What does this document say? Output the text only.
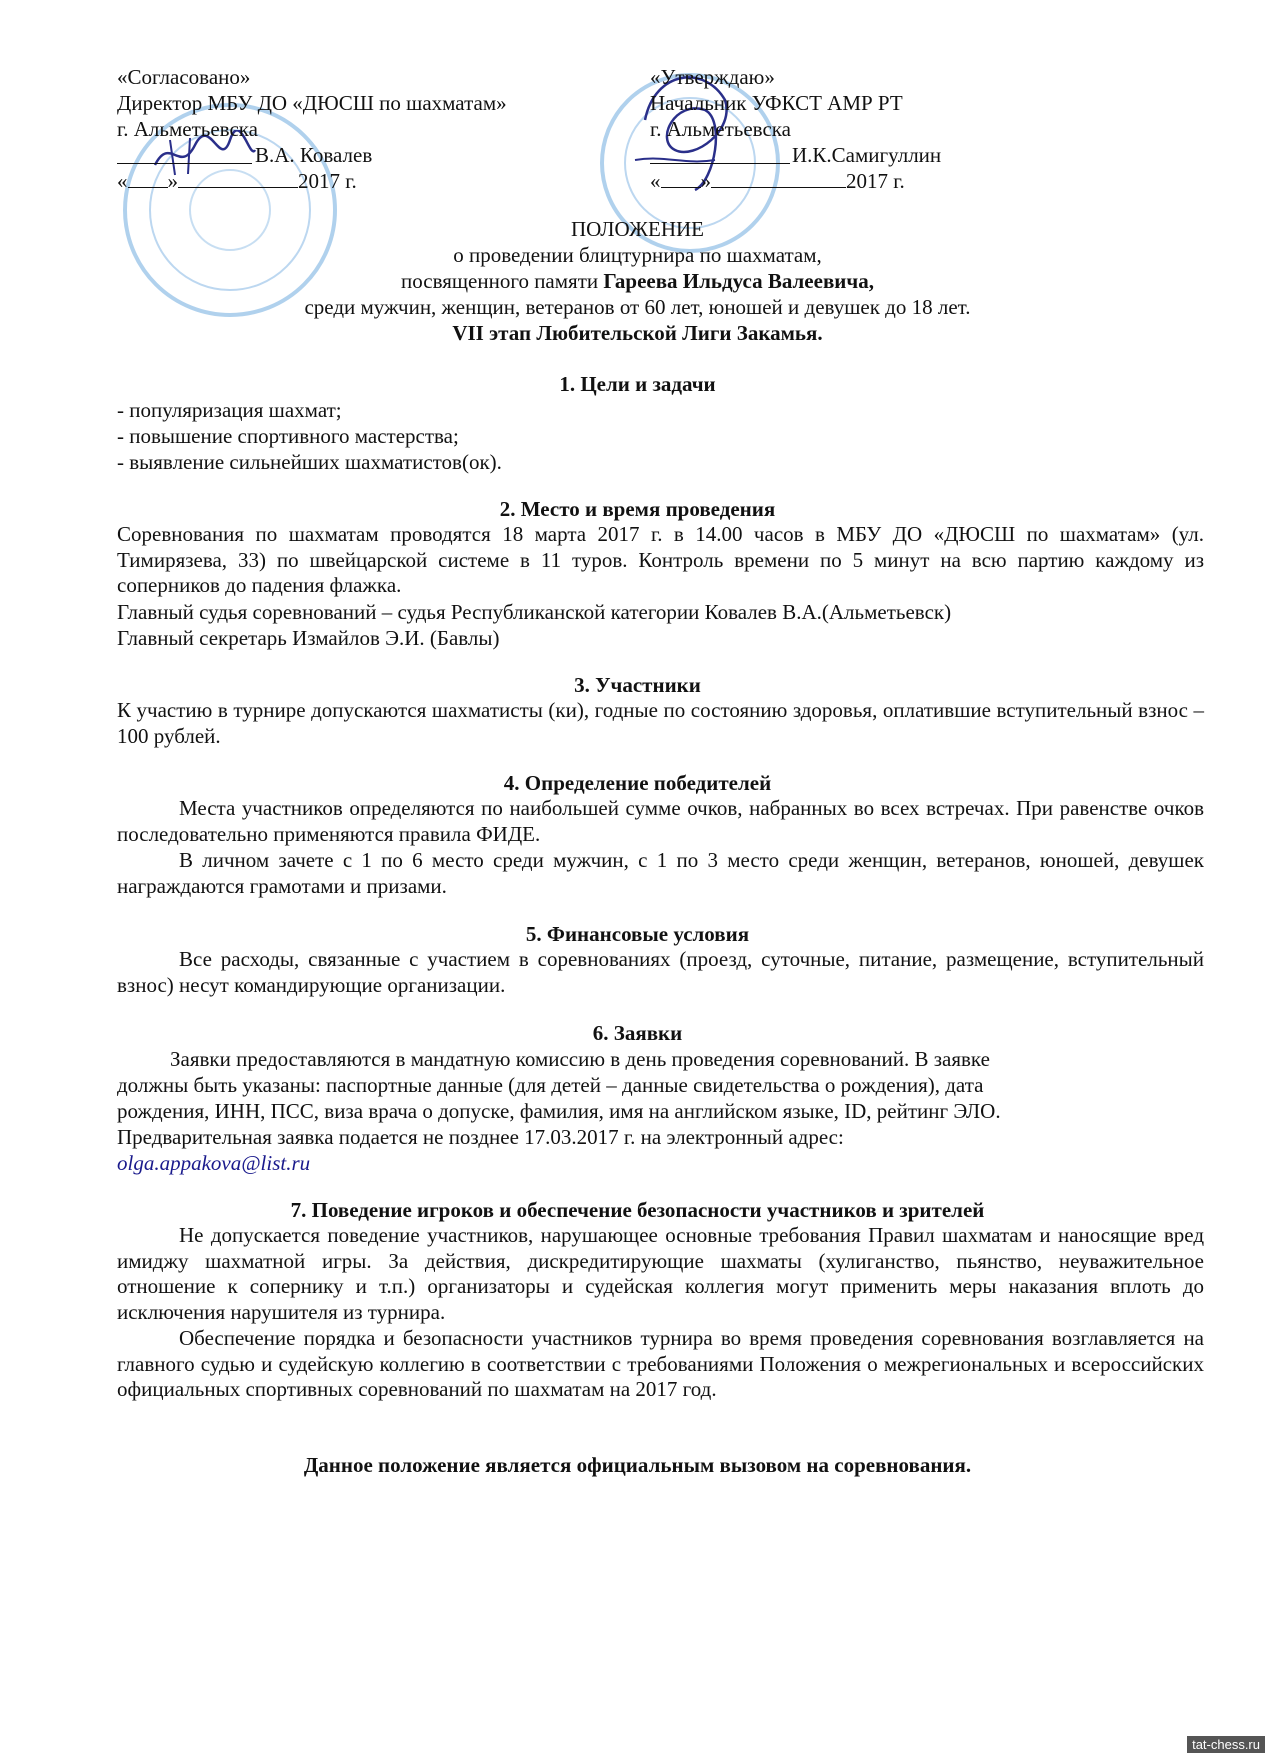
«Согласовано»
Директор МБУ ДО «ДЮСШ по шахматам»
г. Альметьевска
В.А. Ковалев
« »	2017 г.
«Утверждаю»
Начальник УФКСТ АМР РТ
г. Альметьевска
И.К.Самигуллин
« »	2017 г.
ПОЛОЖЕНИЕ
о проведении блицтурнира по шахматам,
посвященного памяти Гареева Ильдуса Валеевича,
среди мужчин, женщин, ветеранов от 60 лет, юношей и девушек до 18 лет.
VII этап Любительской Лиги Закамья.
1. Цели и задачи
- популяризация шахмат;
- повышение спортивного мастерства;
- выявление сильнейших шахматистов(ок).
2. Место и время проведения
Соревнования по шахматам проводятся 18 марта 2017 г. в 14.00 часов в МБУ ДО «ДЮСШ по шахматам» (ул. Тимирязева, 33) по швейцарской системе в 11 туров. Контроль времени по 5 минут на всю партию каждому из соперников до падения флажка.
Главный судья соревнований – судья Республиканской категории Ковалев В.А.(Альметьевск)
Главный секретарь Измайлов Э.И. (Бавлы)
3. Участники
К участию в турнире допускаются шахматисты (ки), годные по состоянию здоровья, оплатившие вступительный взнос – 100 рублей.
4. Определение победителей
Места участников определяются по наибольшей сумме очков, набранных во всех встречах. При равенстве очков последовательно применяются правила ФИДЕ.
В личном зачете с 1 по 6 место среди мужчин, с 1 по 3 место среди женщин, ветеранов, юношей, девушек награждаются грамотами и призами.
5. Финансовые условия
Все расходы, связанные с участием в соревнованиях (проезд, суточные, питание, размещение, вступительный взнос) несут командирующие организации.
6. Заявки
Заявки предоставляются в мандатную комиссию в день проведения соревнований. В заявке
должны быть указаны: паспортные данные (для детей – данные свидетельства о рождения), дата
рождения, ИНН, ПСС, виза врача о допуске, фамилия, имя на английском языке, ID, рейтинг ЭЛО.
Предварительная заявка подается не позднее 17.03.2017 г. на электронный адрес:
olga.appakova@list.ru
7. Поведение игроков и обеспечение безопасности участников и зрителей
Не допускается поведение участников, нарушающее основные требования Правил шахматам и наносящие вред имиджу шахматной игры. За действия, дискредитирующие шахматы (хулиганство, пьянство, неуважительное отношение к сопернику и т.п.) организаторы и судейская коллегия могут применить меры наказания вплоть до исключения нарушителя из турнира.
Обеспечение порядка и безопасности участников турнира во время проведения соревнования возглавляется на главного судью и судейскую коллегию в соответствии с требованиями Положения о межрегиональных и всероссийских официальных спортивных соревнований по шахматам на 2017 год.
Данное положение является официальным вызовом на соревнования.
tat-chess.ru
